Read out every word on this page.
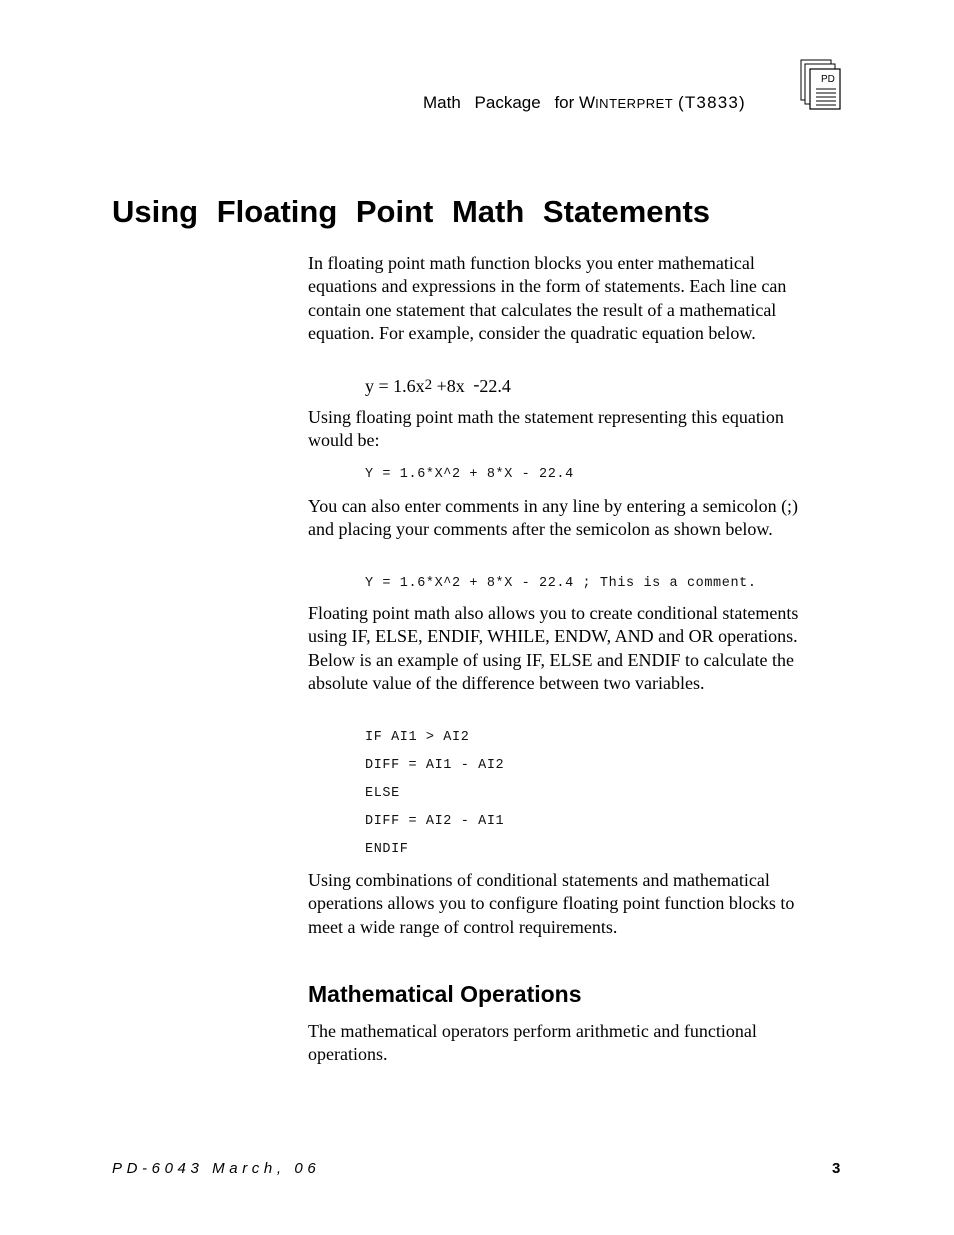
Math Package for WINTERPRET (T3833)
PD
Using Floating Point Math Statements

In floating point math function blocks you enter mathematical equations and expressions in the form of statements. Each line can contain one statement that calculates the result of a mathematical equation. For example, consider the quadratic equation below.

$y = 1.6x^2 +8x$ -22.4

Using floating point math the statement representing this equation would be:

Y = 1.6*X^2 + 8*X - 22.4

You can also enter comments in any line by entering a semicolon (;) and placing your comments after the semicolon as shown below.

Y = 1.6*X^2 + 8*X - 22.4 ; This is a comment.

Floating point math also allows you to create conditional statements using IF, ELSE, ENDIF, WHILE, ENDW, AND and OR operations. Below is an example of using IF, ELSE and ENDIF to calculate the absolute value of the difference between two variables.

IF AI1 > AI2
DIFF = AI1 - AI2
ELSE
DIFF = AI2 - AI1
ENDIF

Using combinations of conditional statements and mathematical operations allows you to configure floating point function blocks to meet a wide range of control requirements.

Mathematical Operations

The mathematical operators perform arithmetic and functional operations.

PD-6043 March, 06	3
